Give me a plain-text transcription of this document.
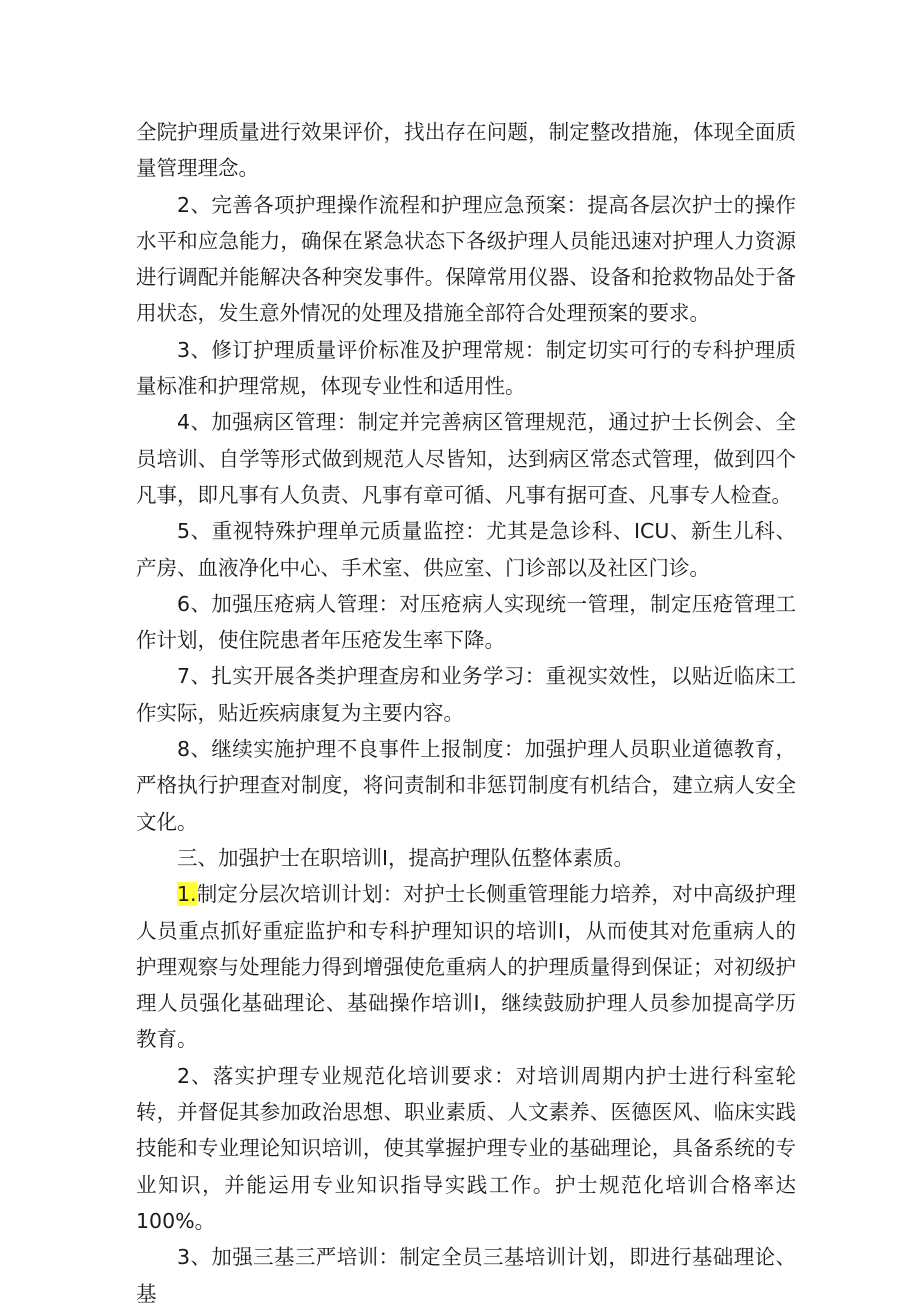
全院护理质量进行效果评价，找出存在问题，制定整改措施，体现全面质量管理理念。

2、完善各项护理操作流程和护理应急预案：提高各层次护士的操作水平和应急能力，确保在紧急状态下各级护理人员能迅速对护理人力资源进行调配并能解决各种突发事件。保障常用仪器、设备和抢救物品处于备用状态，发生意外情况的处理及措施全部符合处理预案的要求。

3、修订护理质量评价标准及护理常规：制定切实可行的专科护理质量标准和护理常规，体现专业性和适用性。

4、加强病区管理：制定并完善病区管理规范，通过护士长例会、全员培训、自学等形式做到规范人尽皆知，达到病区常态式管理，做到四个凡事，即凡事有人负责、凡事有章可循、凡事有据可查、凡事专人检查。

5、重视特殊护理单元质量监控：尤其是急诊科、ICU、新生儿科、产房、血液净化中心、手术室、供应室、门诊部以及社区门诊。

6、加强压疮病人管理：对压疮病人实现统一管理，制定压疮管理工作计划，使住院患者年压疮发生率下降。

7、扎实开展各类护理查房和业务学习：重视实效性，以贴近临床工作实际，贴近疾病康复为主要内容。

8、继续实施护理不良事件上报制度：加强护理人员职业道德教育，严格执行护理查对制度，将问责制和非惩罚制度有机结合，建立病人安全文化。

三、加强护士在职培训I，提高护理队伍整体素质。

1.制定分层次培训计划：对护士长侧重管理能力培养，对中高级护理人员重点抓好重症监护和专科护理知识的培训I，从而使其对危重病人的护理观察与处理能力得到增强使危重病人的护理质量得到保证；对初级护理人员强化基础理论、基础操作培训I，继续鼓励护理人员参加提高学历教育。

2、落实护理专业规范化培训要求：对培训周期内护士进行科室轮转，并督促其参加政治思想、职业素质、人文素养、医德医风、临床实践技能和专业理论知识培训，使其掌握护理专业的基础理论，具备系统的专业知识，并能运用专业知识指导实践工作。护士规范化培训合格率达100%。

3、加强三基三严培训：制定全员三基培训计划，即进行基础理论、基
